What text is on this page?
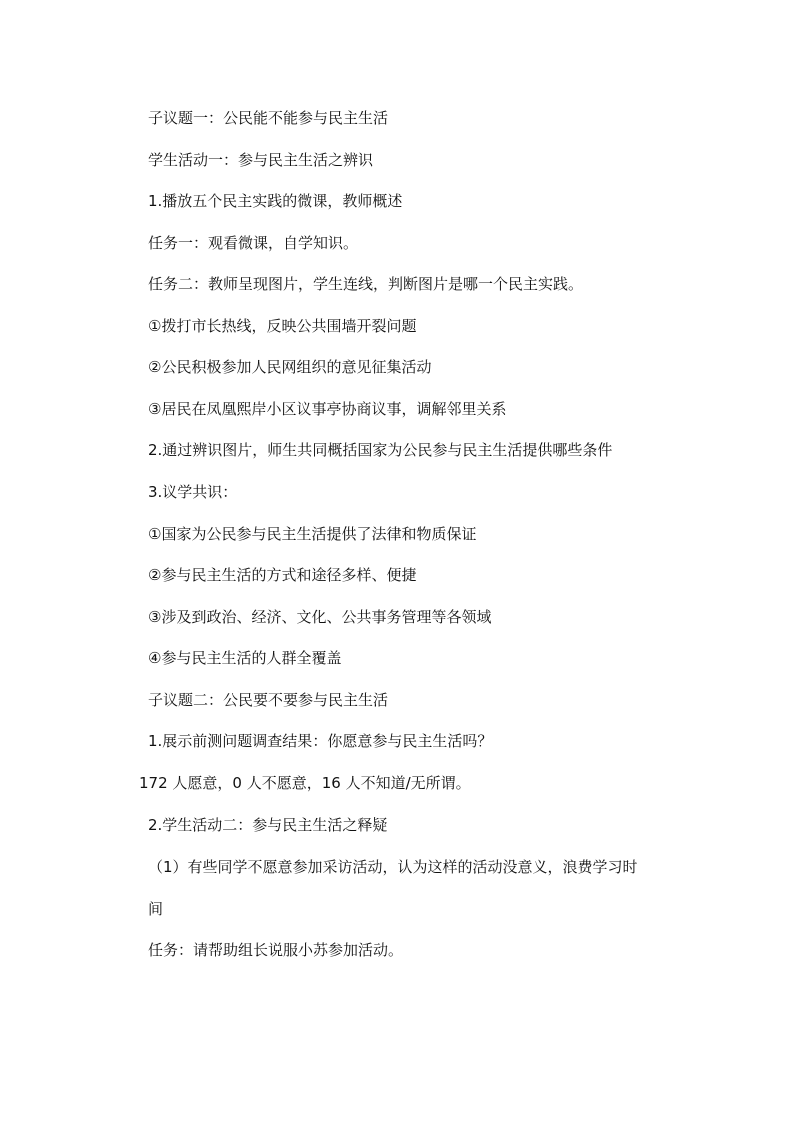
子议题一：公民能不能参与民主生活
学生活动一：参与民主生活之辨识
1.播放五个民主实践的微课，教师概述
任务一：观看微课，自学知识。
任务二：教师呈现图片，学生连线，判断图片是哪一个民主实践。
①拨打市长热线，反映公共围墙开裂问题
②公民积极参加人民网组织的意见征集活动
③居民在凤凰熙岸小区议事亭协商议事，调解邻里关系
2.通过辨识图片，师生共同概括国家为公民参与民主生活提供哪些条件
3.议学共识：
①国家为公民参与民主生活提供了法律和物质保证
②参与民主生活的方式和途径多样、便捷
③涉及到政治、经济、文化、公共事务管理等各领域
④参与民主生活的人群全覆盖
子议题二：公民要不要参与民主生活
1.展示前测问题调查结果：你愿意参与民主生活吗？
172 人愿意，0 人不愿意，16 人不知道/无所谓。
2.学生活动二：参与民主生活之释疑
（1）有些同学不愿意参加采访活动，认为这样的活动没意义，浪费学习时
间
任务：请帮助组长说服小苏参加活动。
